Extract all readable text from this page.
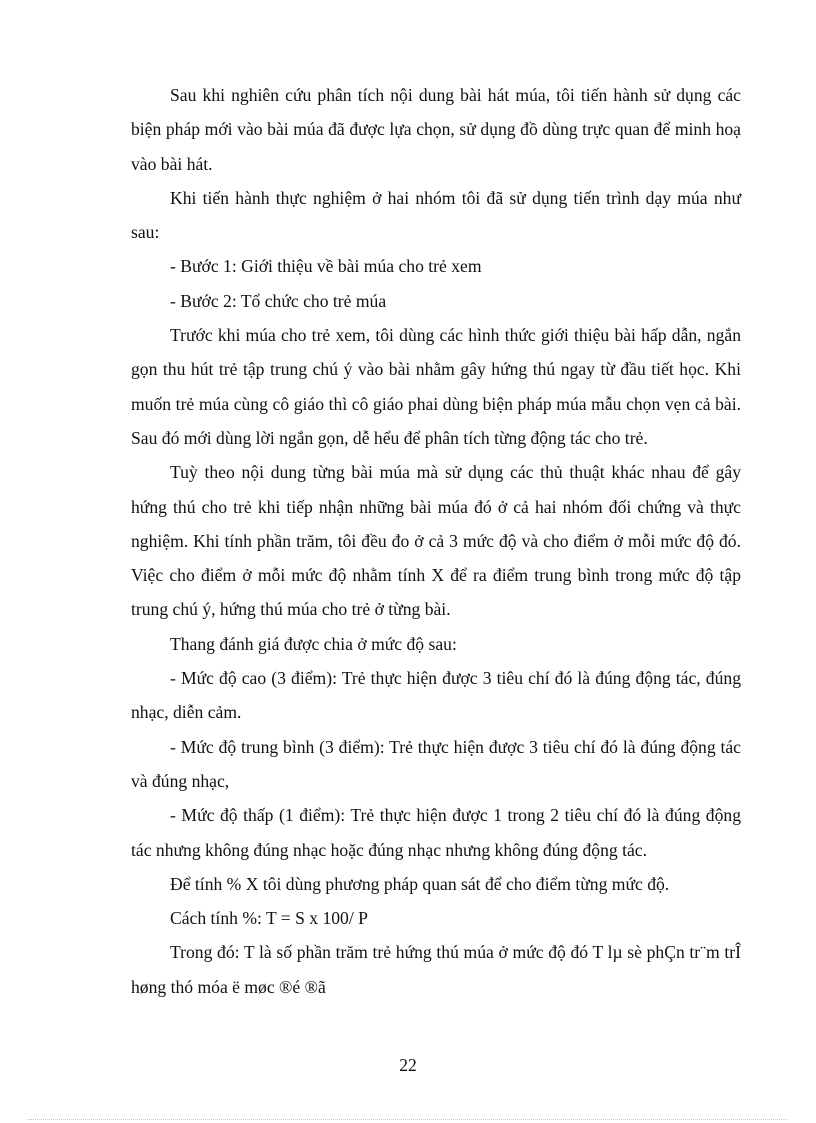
Sau khi nghiên cứu phân tích nội dung bài hát múa, tôi tiến hành sử dụng các biện pháp mới vào bài múa đã được lựa chọn, sử dụng đồ dùng trực quan để minh hoạ vào bài hát.

Khi tiến hành thực nghiệm ở hai nhóm tôi đã sử dụng tiến trình dạy múa như sau:

- Bước 1: Giới thiệu về bài múa cho trẻ xem

- Bước 2: Tổ chức cho trẻ múa

Trước khi múa cho trẻ xem, tôi dùng các hình thức giới thiệu bài hấp dẫn, ngắn gọn thu hút trẻ tập trung chú ý vào bài nhằm gây hứng thú ngay từ đầu tiết học. Khi muốn trẻ múa cùng cô giáo thì cô giáo phai dùng biện pháp múa mẫu chọn vẹn cả bài. Sau đó mới dùng lời ngắn gọn, dễ hểu để phân tích từng động tác cho trẻ.

Tuỳ theo nội dung từng bài múa mà sử dụng các thủ thuật khác nhau để gây hứng thú cho trẻ khi tiếp nhận những bài múa đó ở cả hai nhóm đối chứng và thực nghiệm. Khi tính phần trăm, tôi đều đo ở cả 3 mức độ và cho điểm ở mỗi mức độ đó. Việc cho điểm ở mỗi mức độ nhằm tính X để ra điểm trung bình trong mức độ tập trung chú ý, hứng thú múa cho trẻ ở từng bài.

Thang đánh giá được chia ở mức độ sau:

- Mức độ cao (3 điểm): Trẻ thực hiện được 3 tiêu chí đó là đúng động tác, đúng nhạc, diễn cảm.

- Mức độ trung bình (3 điểm): Trẻ thực hiện được 3 tiêu chí đó là đúng động tác và đúng nhạc,

- Mức độ thấp (1 điểm): Trẻ thực hiện được 1 trong 2 tiêu chí đó là đúng động tác nhưng không đúng nhạc hoặc đúng nhạc nhưng không đúng động tác.

Để tính % X tôi dùng phương pháp quan sát để cho điểm từng mức độ.

Cách tính %: T = S x 100/ P

Trong đó: T là số phần trăm trẻ hứng thú múa ở mức độ đó T lµ sè phÇn tr¨m trÎ høng thó móa ë møc ®é ®ã

22
